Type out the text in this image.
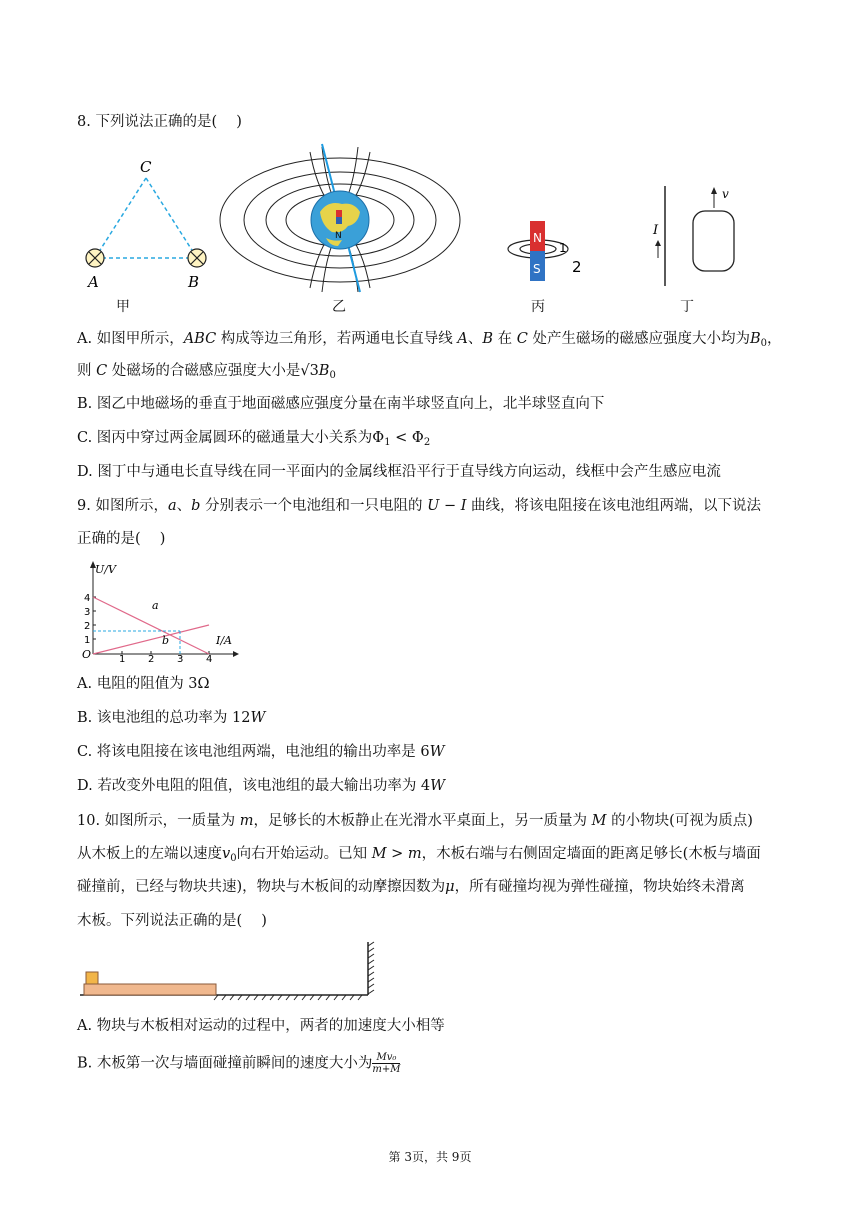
8. 下列说法正确的是(　 )
C
A	B
N	N
S
1
2
I
v
甲	乙	丙	丁
A. 如图甲所示，ABC 构成等边三角形，若两通电长直导线 A、B 在 C 处产生磁场的磁感应强度大小均为$B_0$，
则 C 处磁场的合磁感应强度大小是$√3B_0$
B. 图乙中地磁场的垂直于地面磁感应强度分量在南半球竖直向上，北半球竖直向下
C. 图丙中穿过两金属圆环的磁通量大小关系为$\Phi_1 < \Phi_2$
D. 图丁中与通电长直导线在同一平面内的金属线框沿平行于直导线方向运动，线框中会产生感应电流
9. 如图所示，a、b 分别表示一个电池组和一只电阻的 U − I 曲线，将该电阻接在该电池组两端，以下说法
正确的是(　 )
U/V
I/A
O
1
2
3
4
1 2 3 4
a
b
A. 电阻的阻值为 3Ω
B. 该电池组的总功率为 12W
C. 将该电阻接在该电池组两端，电池组的输出功率是 6W
D. 若改变外电阻的阻值，该电池组的最大输出功率为 4W
10. 如图所示，一质量为 m，足够长的木板静止在光滑水平桌面上，另一质量为 M 的小物块(可视为质点)
从木板上的左端以速度$v_0$向右开始运动。已知 M > m，木板右端与右侧固定墙面的距离足够长(木板与墙面
碰撞前，已经与物块共速)，物块与木板间的动摩擦因数为μ，所有碰撞均视为弹性碰撞，物块始终未滑离
木板。下列说法正确的是(　 )
A. 物块与木板相对运动的过程中，两者的加速度大小相等
B. 木板第一次与墙面碰撞前瞬间的速度大小为 $\frac{\text{Mv₀}}{m+M}$
第 3页，共 9页
